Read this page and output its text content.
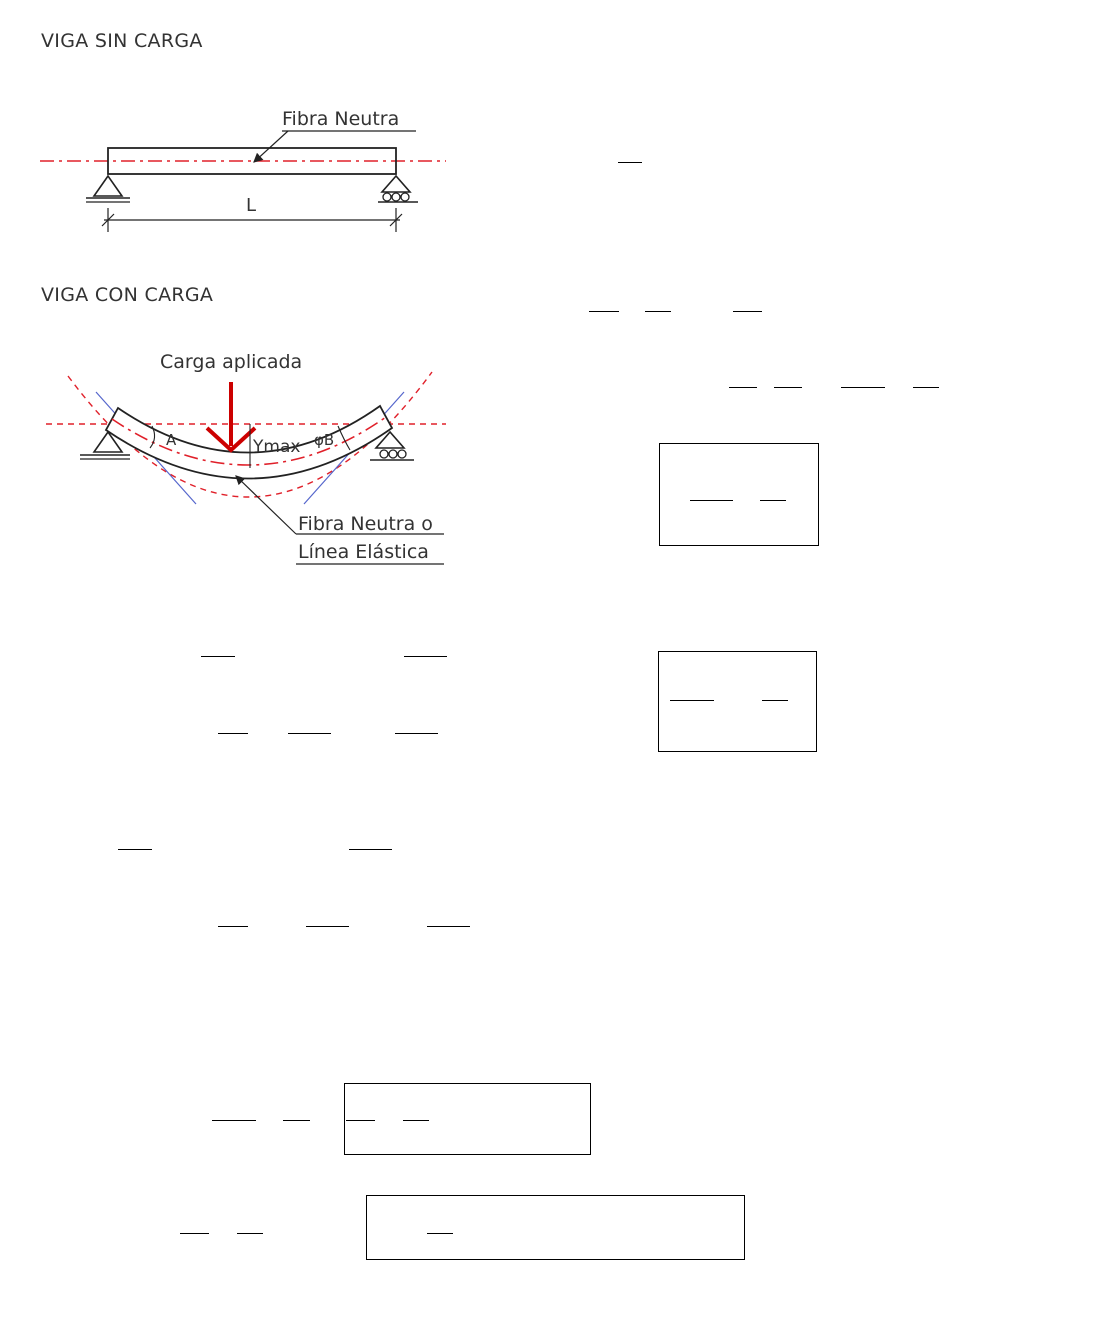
VIGA SIN CARGA
VIGA CON CARGA
L
Fibra Neutra
Carga aplicada
Ymax
A	φB
Fibra Neutra o
Línea Elástica
